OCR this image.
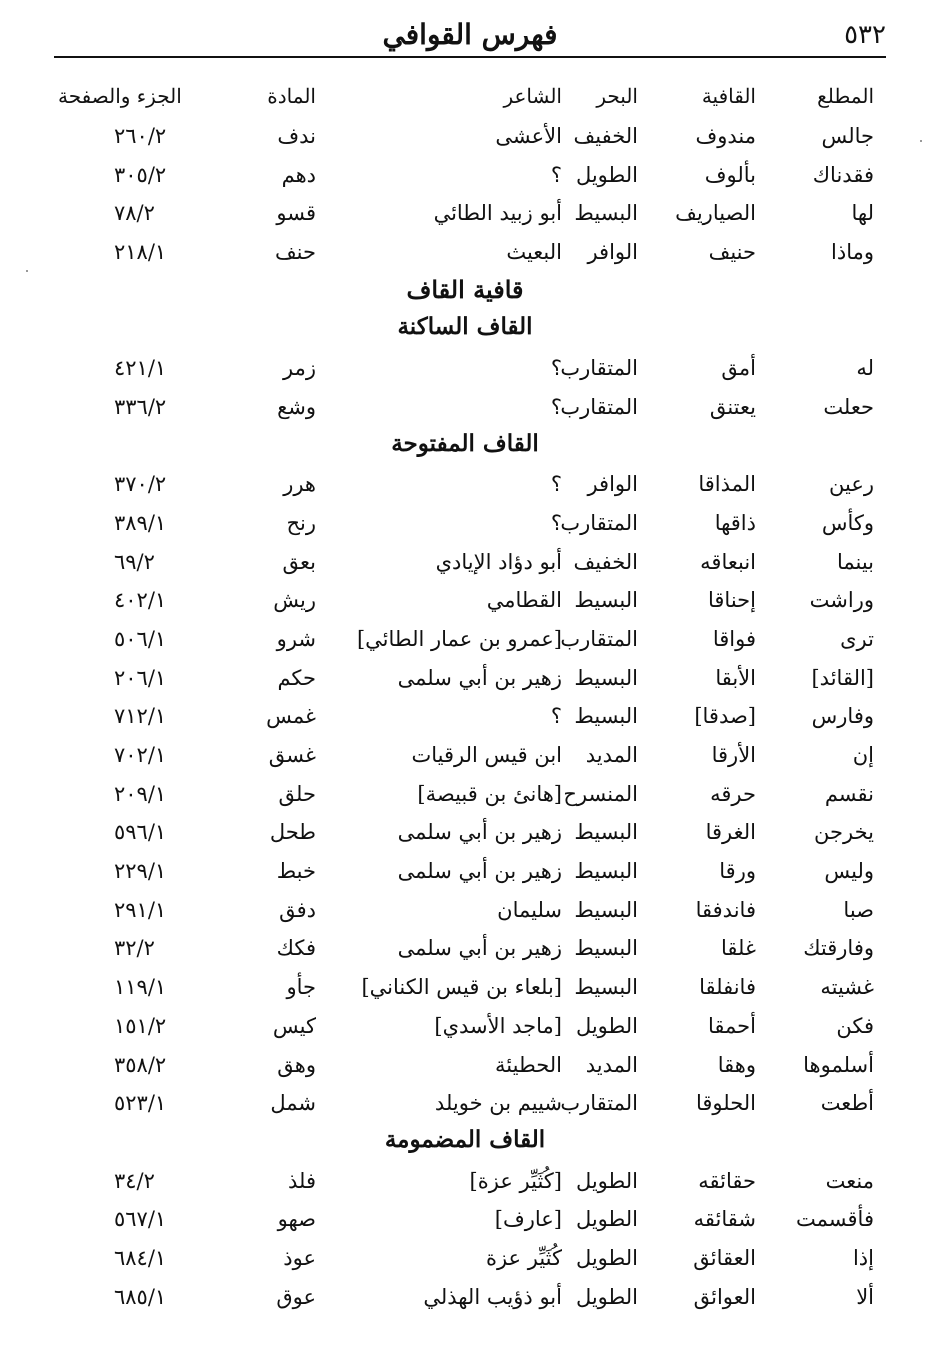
٥٣٢
فهرس القوافي
المطلع
القافية
البحر
الشاعر
المادة
الجزء والصفحة
جالس
مندوف
الخفيف
الأعشى
ندف
٢٦٠/٢
فقدناك
بألوف
الطويل
؟
دهم
٣٠٥/٢
لها
الصياريف
البسيط
أبو زبيد الطائي
قسو
٧٨/٢
وماذا
حنيف
الوافر
البعيث
حنف
٢١٨/١
قافية القاف
القاف الساكنة
له
أمق
المتقارب
؟
زمر
٤٢١/١
حعلت
يعتنق
المتقارب
؟
وشع
٣٣٦/٢
القاف المفتوحة
رعين
المذاقا
الوافر
؟
هرر
٣٧٠/٢
وكأس
ذاقها
المتقارب
؟
رنح
٣٨٩/١
بينما
انبعاقه
الخفيف
أبو دؤاد الإيادي
بعق
٦٩/٢
وراشت
إحناقا
البسيط
القطامي
ريش
٤٠٢/١
ترى
فواقا
المتقارب
[عمرو بن عمار الطائي]
شرو
٥٠٦/١
[القائد]
الأبقا
البسيط
زهير بن أبي سلمى
حكم
٢٠٦/١
وفارس
[صدقا]
البسيط
؟
غمس
٧١٢/١
إن
الأرقا
المديد
ابن قيس الرقيات
غسق
٧٠٢/١
نقسم
حرقه
المنسرح
[هانئ بن قبيصة]
حلق
٢٠٩/١
يخرجن
الغرقا
البسيط
زهير بن أبي سلمى
طحل
٥٩٦/١
وليس
ورقا
البسيط
زهير بن أبي سلمى
خبط
٢٢٩/١
صبا
فاندفقا
البسيط
سليمان
دفق
٢٩١/١
وفارقتك
غلقا
البسيط
زهير بن أبي سلمى
فكك
٣٢/٢
غشيته
فانفلقا
البسيط
[بلعاء بن قيس الكناني]
جأو
١١٩/١
فكن
أحمقا
الطويل
[ماجد الأسدي]
كيس
١٥١/٢
أسلموها
وهقا
المديد
الحطيئة
وهق
٣٥٨/٢
أطعت
الحلوقا
المتقارب
شييم بن خويلد
شمل
٥٢٣/١
القاف المضمومة
منعت
حقائقه
الطويل
[كُثَيِّر عزة]
فلذ
٣٤/٢
فأقسمت
شقائقه
الطويل
[عارف]
صهو
٥٦٧/١
إذا
العقائق
الطويل
كُثَيِّر عزة
عوذ
٦٨٤/١
ألا
العوائق
الطويل
أبو ذؤيب الهذلي
عوق
٦٨٥/١
